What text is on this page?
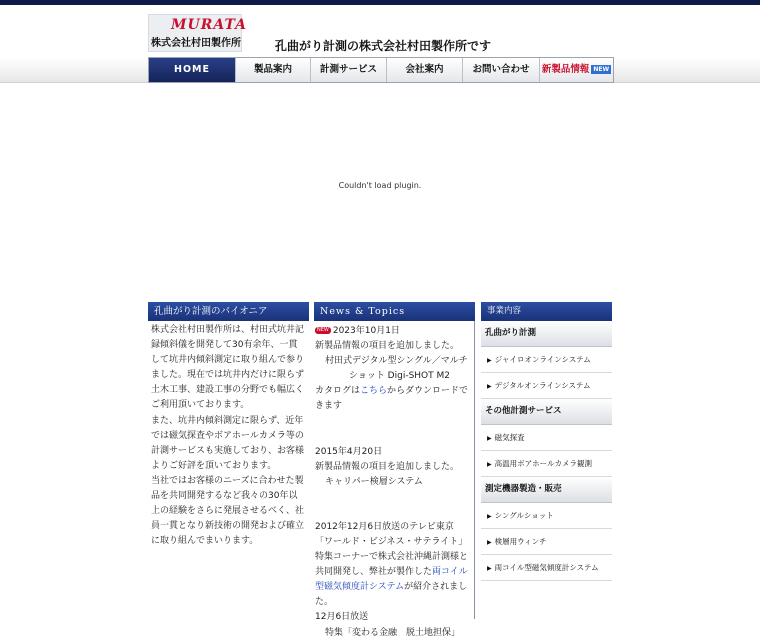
MURATA
株式会社村田製作所	孔曲がり計測の株式会社村田製作所です
HOME	製品案内	計測サービス	会社案内	お問い合わせ	新製品情報 NEW
Couldn't load plugin.
孔曲がり計測のパイオニア

株式会社村田製作所は、村田式坑井記録傾斜儀を開発して30有余年、一貫して坑井内傾斜測定に取り組んで参りました。現在では坑井内だけに限らず土木工事、建設工事の分野でも幅広くご利用頂いております。

また、坑井内傾斜測定に限らず、近年では磁気探査やボアホールカメラ等の計測サービスも実施しており、お客様よりご好評を頂いております。

当社ではお客様のニーズに合わせた製品を共同開発するなど我々の30年以上の経験をさらに発展させるべく、社員一貫となり新技術の開発および確立に取り組んでまいります。

News & Topics

NEW 2023年10月1日

新製品情報の項目を追加しました。

村田式デジタル型シングル／マルチ

ショット Digi-SHOT M2

カタログはこちらからダウンロードできます

2015年4月20日

新製品情報の項目を追加しました。

キャリパー検層システム

2012年12月6日放送のテレビ東京

「ワールド・ビジネス・サテライト」特集コーナーで株式会社沖縄計測様と共同開発し、弊社が製作した両コイル型磁気傾度計システムが紹介されました。

12月6日放送

特集「変わる金融　脱土地担保」

事業内容
孔曲がり計測
▶ ジャイロオンラインシステム
▶ デジタルオンラインシステム
その他計測サービス
▶ 磁気探査
▶ 高温用ボアホールカメラ観測
測定機器製造・販売
▶ シングルショット
▶ 検層用ウィンチ
▶ 両コイル型磁気傾度計システム
